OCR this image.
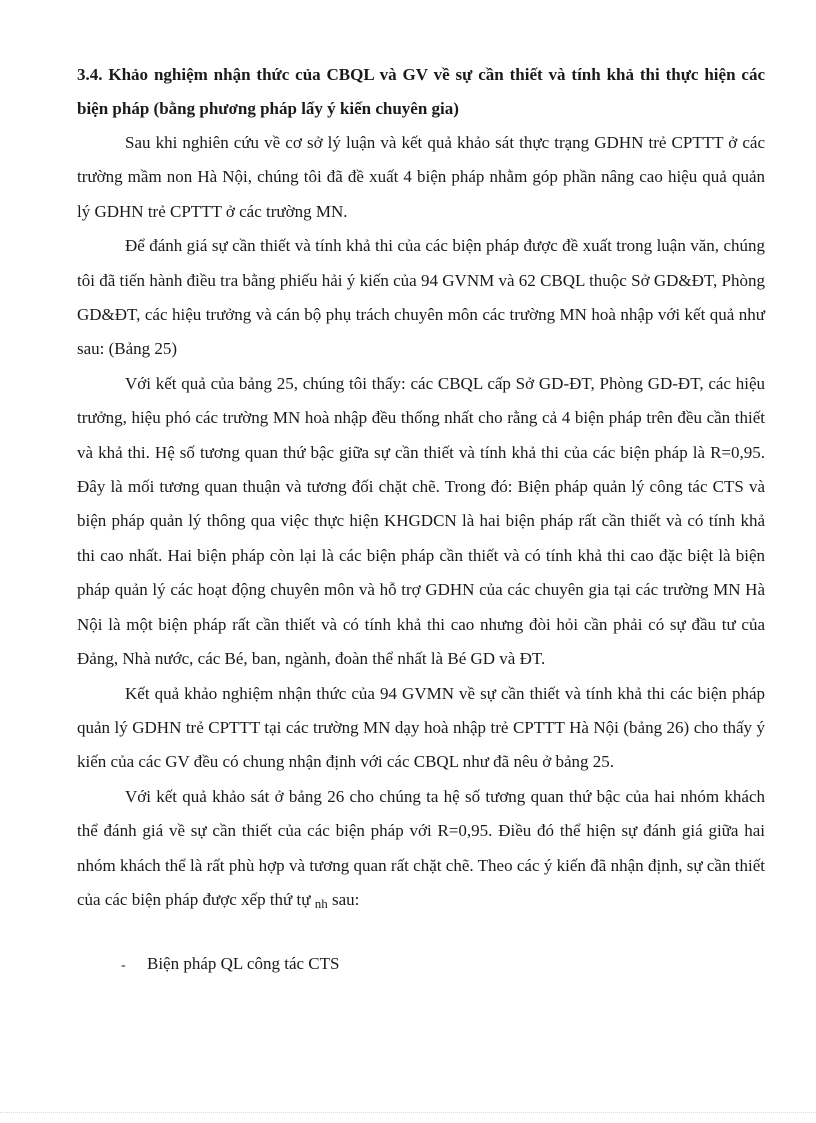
3.4. Khảo nghiệm nhận thức của CBQL và GV về sự cần thiết và tính khả thi thực hiện các biện pháp (bằng phương pháp lấy ý kiến chuyên gia)

Sau khi nghiên cứu về cơ sở lý luận và kết quả khảo sát thực trạng GDHN trẻ CPTTT ở các trường mầm non Hà Nội, chúng tôi đã đề xuất 4 biện pháp nhằm góp phần nâng cao hiệu quả quản lý GDHN trẻ CPTTT ở các trường MN.

Để đánh giá sự cần thiết và tính khả thi của các biện pháp được đề xuất trong luận văn, chúng tôi đã tiến hành điều tra bằng phiếu hải ý kiến của 94 GVNM và 62 CBQL thuộc Sở GD&ĐT, Phòng GD&ĐT, các hiệu trưởng và cán bộ phụ trách chuyên môn các trường MN hoà nhập với kết quả như sau: (Bảng 25)

Với kết quả của bảng 25, chúng tôi thấy: các CBQL cấp Sở GD-ĐT, Phòng GD-ĐT, các hiệu trưởng, hiệu phó các trường MN hoà nhập đều thống nhất cho rằng cả 4 biện pháp trên đều cần thiết và khả thi. Hệ số tương quan thứ bậc giữa sự cần thiết và tính khả thi của các biện pháp là R=0,95. Đây là mối tương quan thuận và tương đối chặt chẽ. Trong đó: Biện pháp quản lý công tác CTS và biện pháp quản lý thông qua việc thực hiện KHGDCN là hai biện pháp rất cần thiết và có tính khả thi cao nhất. Hai biện pháp còn lại là các biện pháp cần thiết và có tính khả thi cao đặc biệt là biện pháp quản lý các hoạt động chuyên môn và hỗ trợ GDHN của các chuyên gia tại các trường MN Hà Nội là một biện pháp rất cần thiết và có tính khả thi cao nhưng đòi hỏi cần phải có sự đầu tư của Đảng, Nhà nước, các Bé, ban, ngành, đoàn thể nhất là Bé GD và ĐT.

Kết quả khảo nghiệm nhận thức của 94 GVMN về sự cần thiết và tính khả thi các biện pháp quản lý GDHN trẻ CPTTT tại các trường MN dạy hoà nhập trẻ CPTTT Hà Nội (bảng 26) cho thấy ý kiến của các GV đều có chung nhận định với các CBQL như đã nêu ở bảng 25.

Với kết quả khảo sát ở bảng 26 cho chúng ta hệ số tương quan thứ bậc của hai nhóm khách thể đánh giá về sự cần thiết của các biện pháp với R=0,95. Điều đó thể hiện sự đánh giá giữa hai nhóm khách thể là rất phù hợp và tương quan rất chặt chẽ. Theo các ý kiến đã nhận định, sự cần thiết của các biện pháp được xếp thứ tự $_{nh}$ sau:

-	Biện pháp QL công tác CTS
